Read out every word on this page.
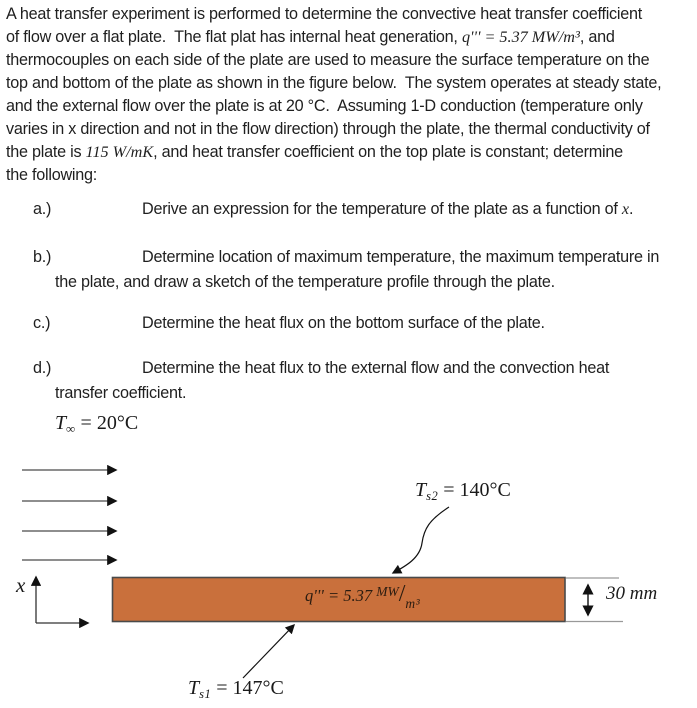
A heat transfer experiment is performed to determine the convective heat transfer coefficient
of flow over a flat plate.  The flat plat has internal heat generation, q''' = 5.37 MW/m³, and
thermocouples on each side of the plate are used to measure the surface temperature on the
top and bottom of the plate as shown in the figure below.  The system operates at steady state,
and the external flow over the plate is at 20 °C.  Assuming 1-D conduction (temperature only
varies in x direction and not in the flow direction) through the plate, the thermal conductivity of
the plate is 115 W/mK, and heat transfer coefficient on the top plate is constant; determine
the following:
a.)	Derive an expression for the temperature of the plate as a function of x.
b.)	Determine location of maximum temperature, the maximum temperature in
the plate, and draw a sketch of the temperature profile through the plate.
c.)	Determine the heat flux on the bottom surface of the plate.
d.)	Determine the heat flux to the external flow and the convection heat
transfer coefficient.
$T_\infty = 20^\circ C$
x
$T_{s2} = 140^\circ C$
$T_{s1} = 147^\circ C$
q''' = 5.37 $^{MW}/_{m^3}$	30 mm
